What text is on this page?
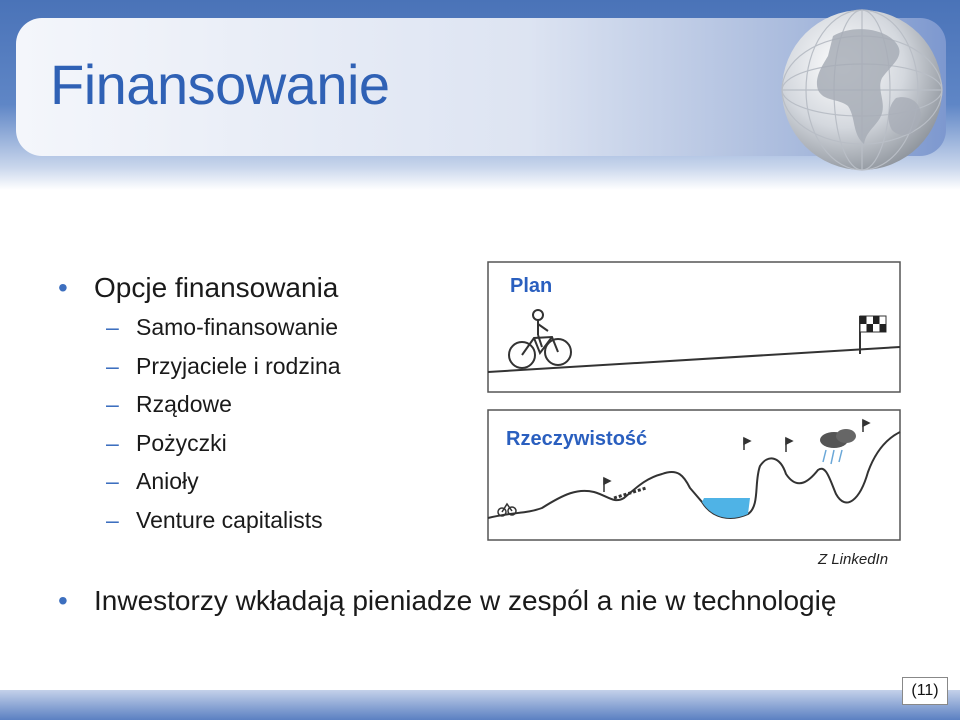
Finansowanie
• Opcje finansowania
– Samo-finansowanie
– Przyjaciele i rodzina
– Rządowe
– Pożyczki
– Anioły
– Venture capitalists
Plan
Rzeczywistość
Z LinkedIn
• Inwestorzy wkładają pieniadze w zespól a nie w technologię
(11)
